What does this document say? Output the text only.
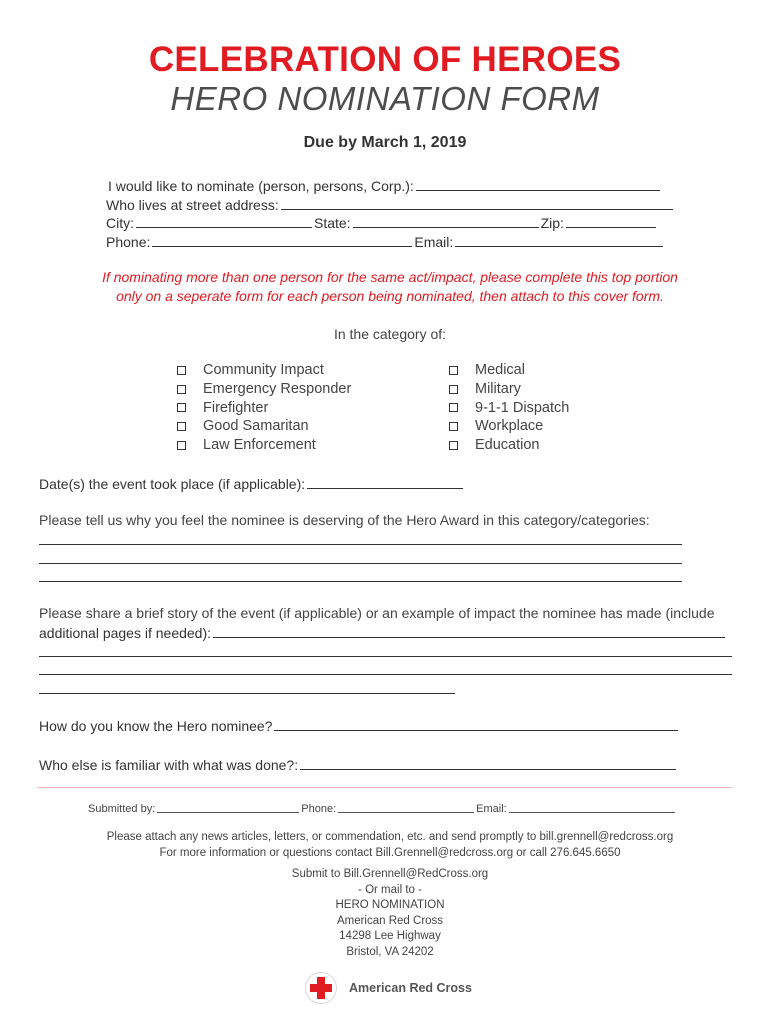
CELEBRATION OF HEROES
HERO NOMINATION FORM
Due by March 1, 2019
I would like to nominate (person, persons, Corp.):
Who lives at street address:
City:	State:	Zip:
Phone:	Email:
If nominating more than one person for the same act/impact, please complete this top portion
only on a seperate form for each person being nominated, then attach to this cover form.
In the category of:
Community Impact
Emergency Responder
Firefighter
Good Samaritan
Law Enforcement
Medical
Military
9-1-1 Dispatch
Workplace
Education
Date(s) the event took place (if applicable):
Please tell us why you feel the nominee is deserving of the Hero Award in this category/categories:
Please share a brief story of the event (if applicable) or an example of impact the nominee has made (include
additional pages if needed):
How do you know the Hero nominee?
Who else is familiar with what was done?:
Submitted by:	Phone:	Email:
Please attach any news articles, letters, or commendation, etc. and send promptly to bill.grennell@redcross.org
For more information or questions contact Bill.Grennell@redcross.org or call 276.645.6650
Submit to Bill.Grennell@RedCross.org
- Or mail to -
HERO NOMINATION
American Red Cross
14298 Lee Highway
Bristol, VA 24202
American Red Cross
